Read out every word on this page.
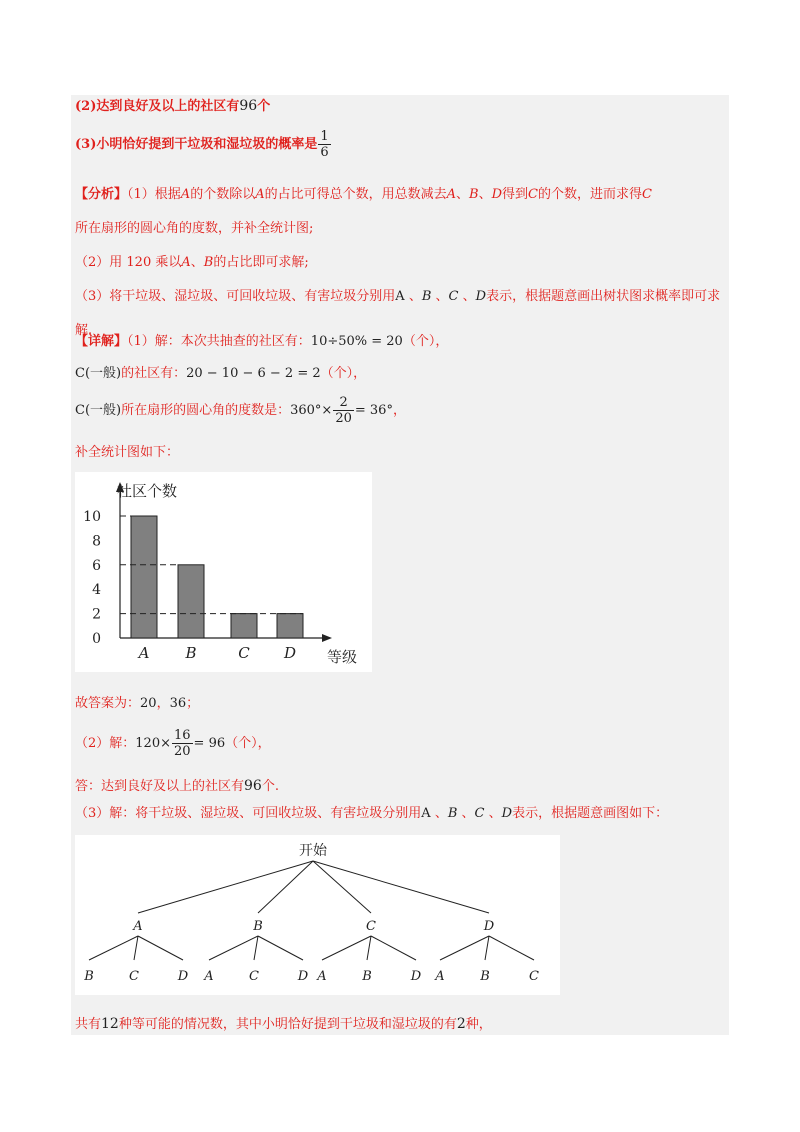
(2)达到良好及以上的社区有96个
(3)小明恰好提到干垃圾和湿垃圾的概率是 $\frac{1}{6}$
【分析】（1）根据A的个数除以A的占比可得总个数，用总数减去A、B、D得到C的个数，进而求得C
所在扇形的圆心角的度数，并补全统计图;
（2）用 120 乘以A、B的占比即可求解;
（3）将干垃圾、湿垃圾、可回收垃圾、有害垃圾分别用A 、B 、C 、D表示，根据题意画出树状图求概率即可求解.
【详解】（1）解：本次共抽查的社区有：10÷50% = 20（个），
C(一般)的社区有：20 − 10 − 6 − 2 = 2（个），
C(一般)所在扇形的圆心角的度数是：$360^\circ\times \frac{2}{20} = 36^\circ$，
补全统计图如下：
社区个数
等级
0
2
4
6
8
10
A B	C D
故答案为：20，36；
（2）解：$120\times \frac{16}{20} = 96$（个），
答：达到良好及以上的社区有96个.
（3）解：将干垃圾、湿垃圾、可回收垃圾、有害垃圾分别用A 、B 、C 、D表示，根据题意画图如下：
开始
A
B	C	D
B
A	C	D
C
A	B	D
D
A	B	C
共有12种等可能的情况数，其中小明恰好提到干垃圾和湿垃圾的有2种，
